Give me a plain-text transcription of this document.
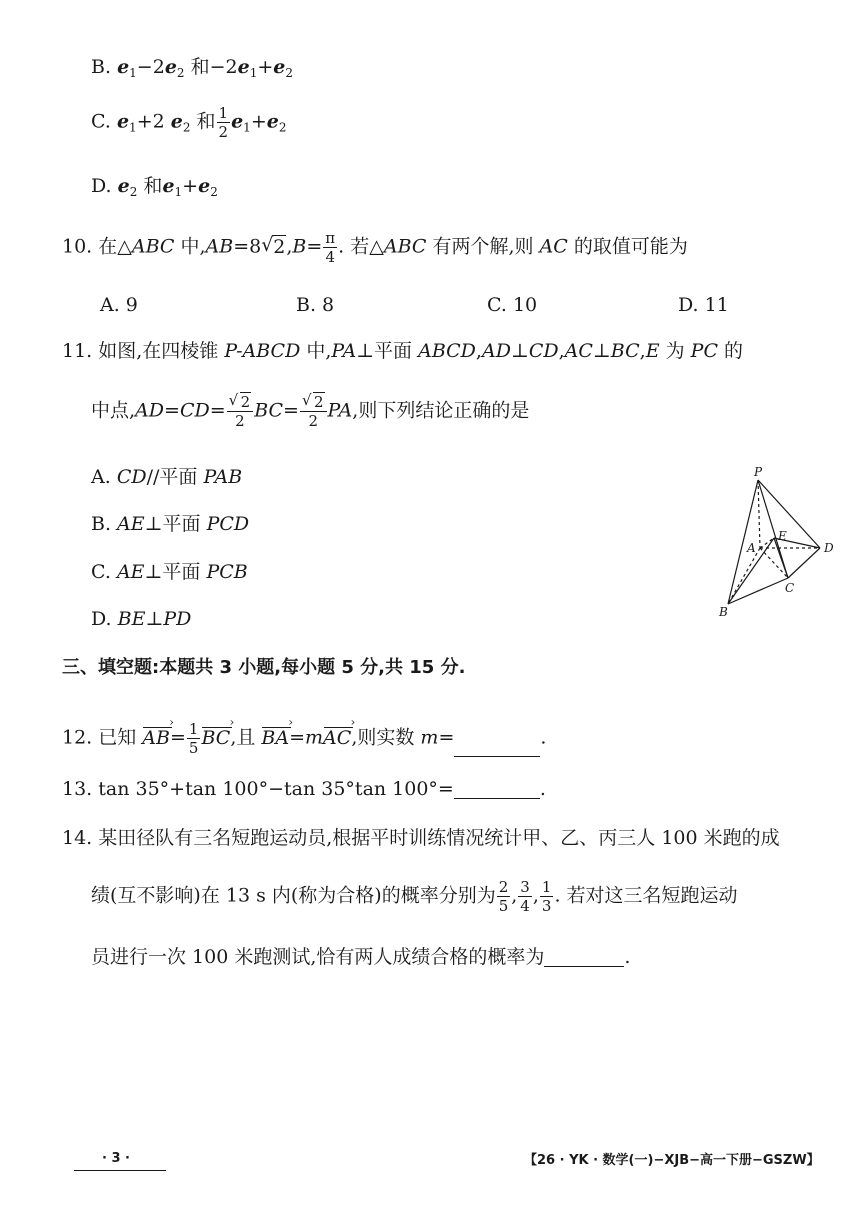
B. $e_1-2e_2$ 和$-2e_1+e_2$
C. $e_1+2$ $e_2$ 和 $\frac{1}{2} e_1+e_2$
D. $e_2$ 和$e_1+e_2$
10. 在△ABC 中,AB=8 √ $2,B= \frac{\pi}{4}$ . 若△ABC 有两个解,则 AC 的取值可能为
A. 9	B. 8	C. 10	D. 11
11. 如图,在四棱锥 P-ABCD 中,PA⊥平面 ABCD,AD⊥CD,AC⊥BC,E 为 PC 的
中点,AD=CD= √ $\frac{2}{2} BC=$ √ $\frac{2}{2}$ PA,则下列结论正确的是
A. CD//平面 PAB
B. AE⊥平面 PCD
C. AE⊥平面 PCB
D. BE⊥PD
P
A
E
D
C
B
三、填空题:本题共 3 小题,每小题 5 分,共 15 分.
12. 已知 › $AB= \frac{1}{5}$ › BC,且 › BA=m› AC,则实数 m=	.
13. tan 35°+tan 100°−tan 35°tan 100°=	.
14. 某田径队有三名短跑运动员,根据平时训练情况统计甲、乙、丙三人 100 米跑的成
绩(互不影响)在 13 s 内(称为合格)的概率分别为 $\frac{2}{5}$ , $\frac{3}{4}$ , $\frac{1}{3}$ . 若对这三名短跑运动
员进行一次 100 米跑测试,恰有两人成绩合格的概率为	.
· 3 ·	【26 · YK · 数学(一)−XJB−高一下册−GSZW】
